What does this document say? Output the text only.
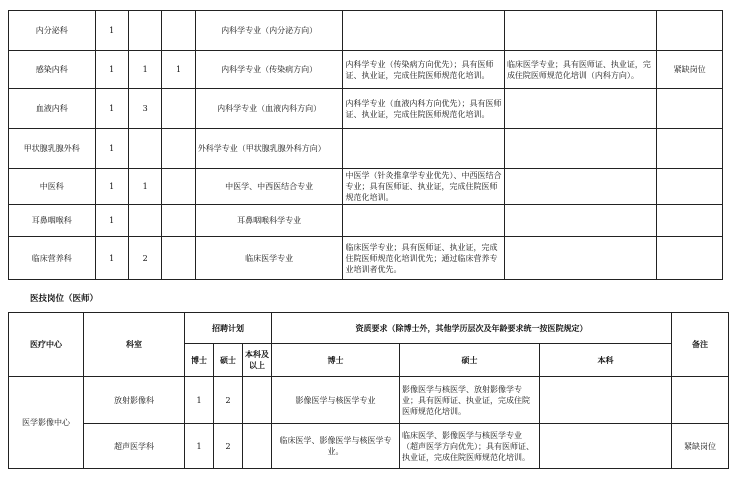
内分泌科	1			内科学专业（内分泌方向）			
感染内科	1	1	1	内科学专业（传染病方向）	内科学专业（传染病方向优先）；具有医师证、执业证，完成住院医师规范化培训。	临床医学专业；具有医师证、执业证，完成住院医师规范化培训（内科方向）。	紧缺岗位
血液内科	1	3		内科学专业（血液内科方向）	内科学专业（血液内科方向优先）；具有医师证、执业证，完成住院医师规范化培训。		
甲状腺乳腺外科	1			外科学专业（甲状腺乳腺外科方向）			
中医科	1	1		中医学、中西医结合专业	中医学（针灸推拿学专业优先）、中西医结合专业；具有医师证、执业证，完成住院医师规范化培训。		
耳鼻咽喉科	1			耳鼻咽喉科学专业			
临床营养科	1	2		临床医学专业	临床医学专业；具有医师证、执业证，完成住院医师规范化培训优先；通过临床营养专业培训者优先。		
医技岗位（医师）
医疗中心	科室	招聘计划			资质要求（除博士外，其他学历层次及年龄要求统一按医院规定）			备注
		博士	硕士	本科及以上	博士	硕士	本科	
医学影像中心	放射影像科	1	2		影像医学与核医学专业	影像医学与核医学、放射影像学专业；具有医师证、执业证，完成住院医师规范化培训。		
	超声医学科	1	2		临床医学、影像医学与核医学专业。	临床医学、影像医学与核医学专业（超声医学方向优先）；具有医师证、执业证，完成住院医师规范化培训。		紧缺岗位
